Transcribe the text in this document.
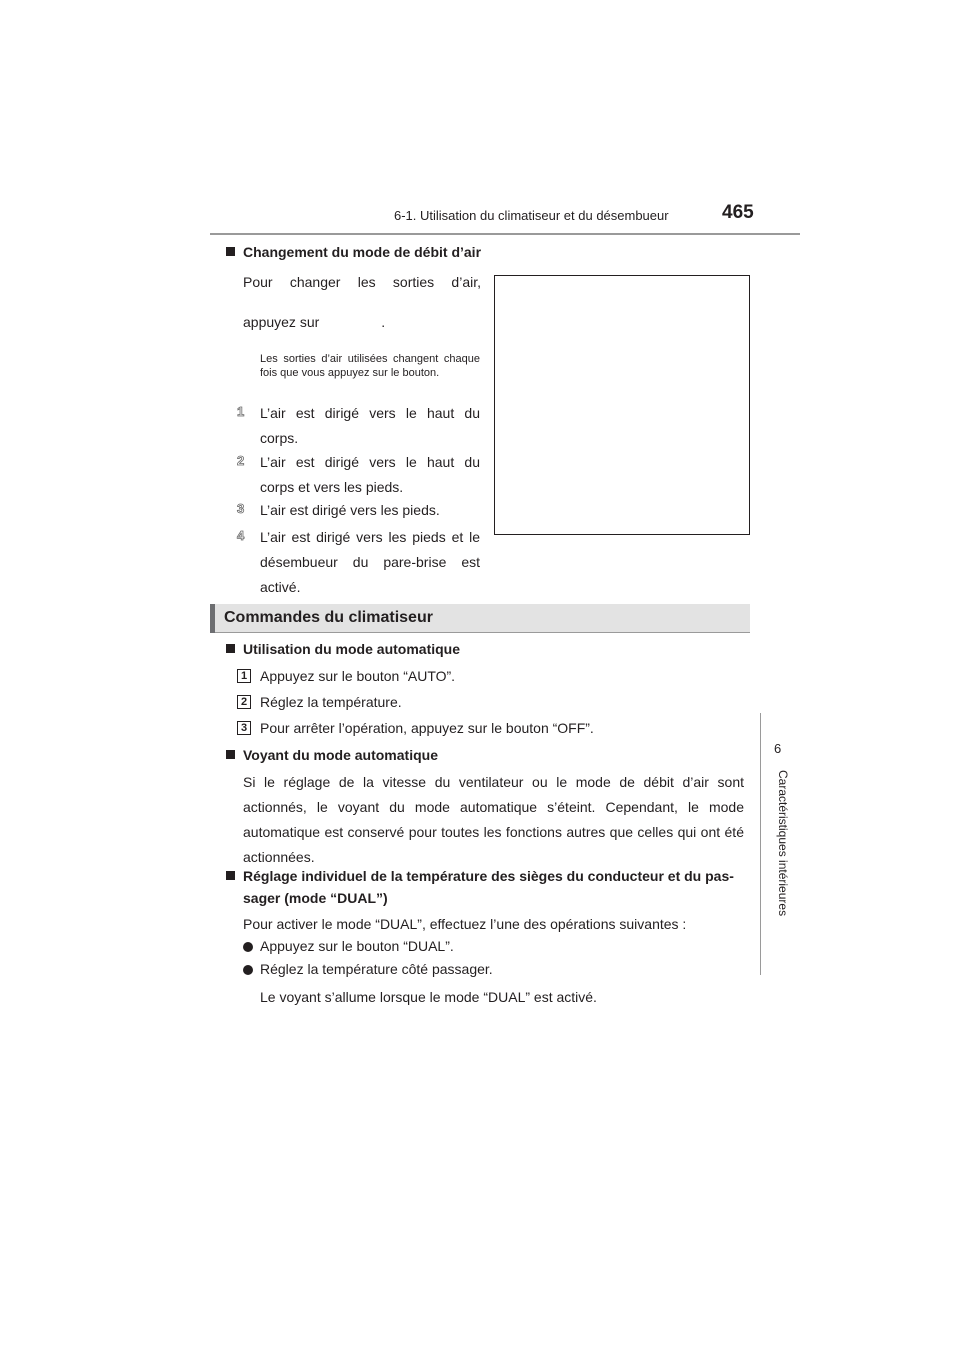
6-1. Utilisation du climatiseur et du désembueur	465
6
Caractéristiques intérieures
Changement du mode de débit d’air
Pour changer les sorties d’air,
appuyez sur	.
Les sorties d’air utilisées changent chaque fois que vous appuyez sur le bouton.
1 L’air est dirigé vers le haut du corps.
2 L’air est dirigé vers le haut du corps et vers les pieds.
3 L’air est dirigé vers les pieds.
4 L’air est dirigé vers les pieds et le désembueur du pare-brise est activé.
Commandes du climatiseur
Utilisation du mode automatique
1 Appuyez sur le bouton “AUTO”.
2 Réglez la température.
3 Pour arrêter l’opération, appuyez sur le bouton “OFF”.
Voyant du mode automatique
Si le réglage de la vitesse du ventilateur ou le mode de débit d’air sont actionnés, le voyant du mode automatique s’éteint. Cependant, le mode automatique est conservé pour toutes les fonctions autres que celles qui ont été actionnées.
Réglage individuel de la température des sièges du conducteur et du pas-
sager (mode “DUAL”)
Pour activer le mode “DUAL”, effectuez l’une des opérations suivantes :
Appuyez sur le bouton “DUAL”.
Réglez la température côté passager.
Le voyant s’allume lorsque le mode “DUAL” est activé.
